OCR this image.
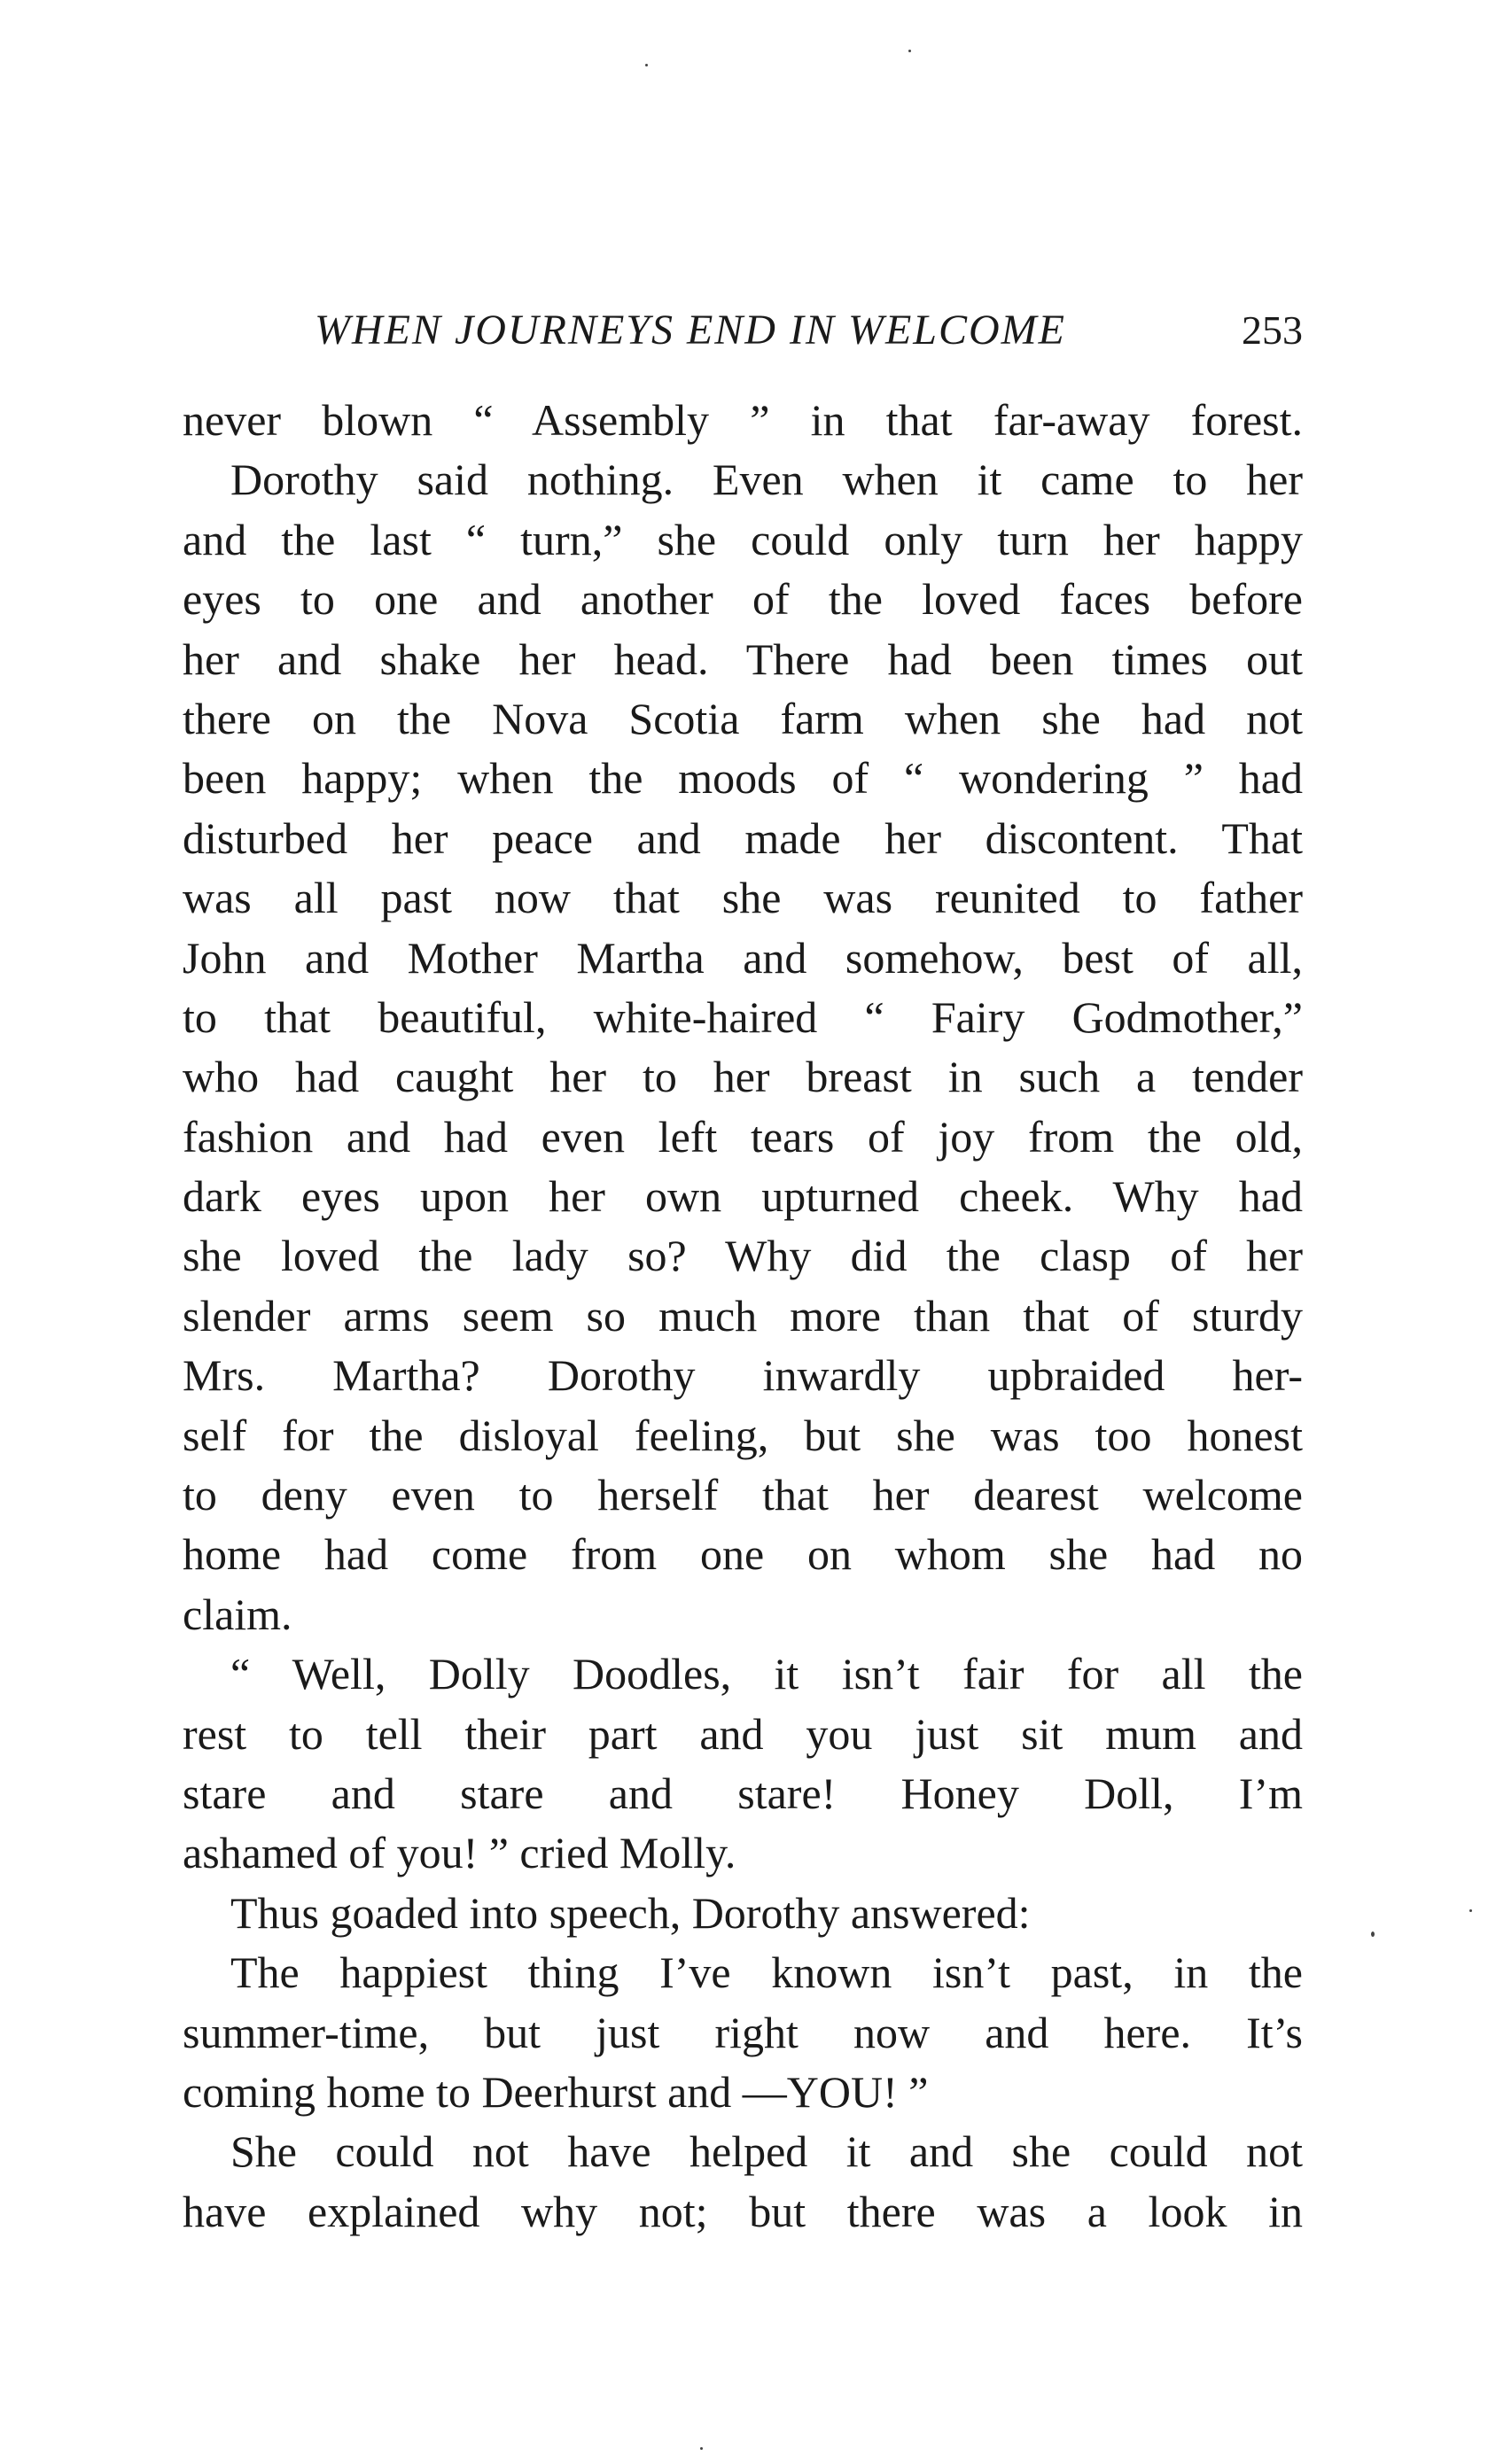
WHEN JOURNEYS END IN WELCOME	253
never blown “ Assembly ” in that far-away forest.
Dorothy said nothing. Even when it came to her
and the last “ turn,” she could only turn her happy
eyes to one and another of the loved faces before
her and shake her head. There had been times out
there on the Nova Scotia farm when she had not
been happy; when the moods of “ wondering ” had
disturbed her peace and made her discontent. That
was all past now that she was reunited to father
John and Mother Martha and somehow, best of all,
to that beautiful, white-haired “ Fairy Godmother,”
who had caught her to her breast in such a tender
fashion and had even left tears of joy from the old,
dark eyes upon her own upturned cheek. Why had
she loved the lady so? Why did the clasp of her
slender arms seem so much more than that of sturdy
Mrs. Martha? Dorothy inwardly upbraided her-
self for the disloyal feeling, but she was too honest
to deny even to herself that her dearest welcome
home had come from one on whom she had no
claim.
“ Well, Dolly Doodles, it isn’t fair for all the
rest to tell their part and you just sit mum and
stare and stare and stare! Honey Doll, I’m
ashamed of you! ” cried Molly.
Thus goaded into speech, Dorothy answered:
The happiest thing I’ve known isn’t past, in the
summer-time, but just right now and here. It’s
coming home to Deerhurst and —YOU! ”
She could not have helped it and she could not
have explained why not; but there was a look in
